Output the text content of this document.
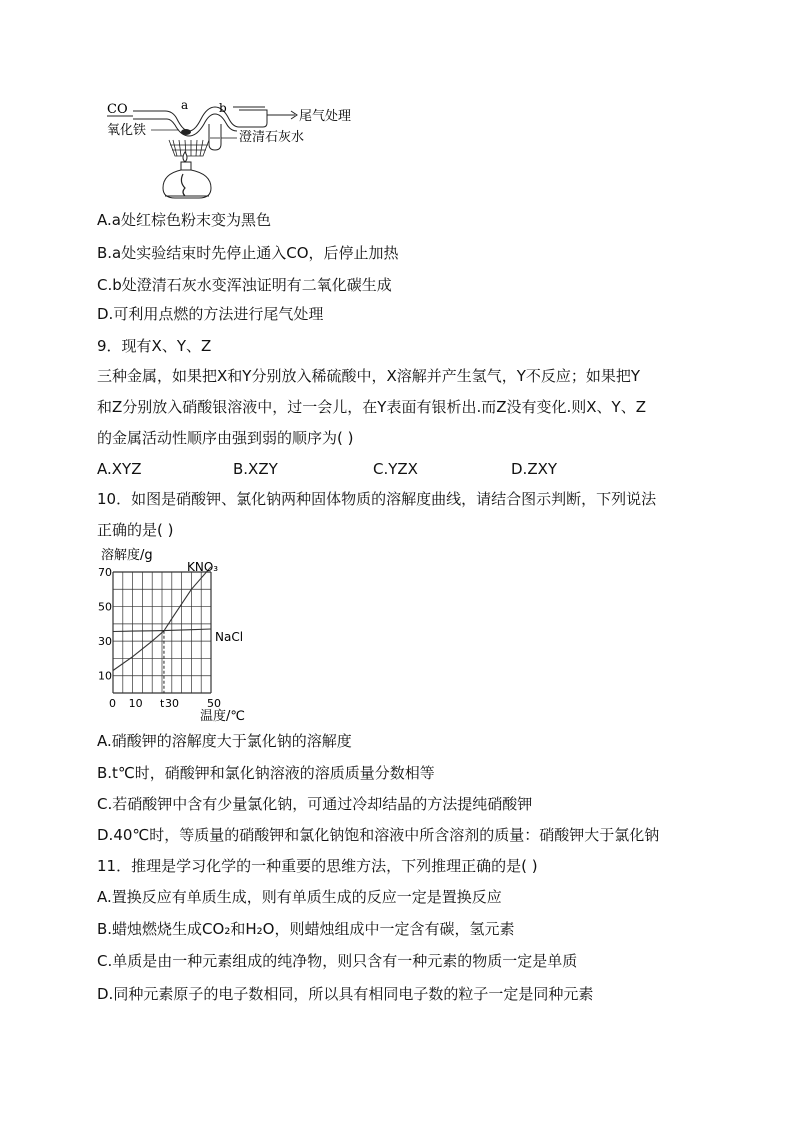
CO	尾气处理
a	b
氧化铁	澄清石灰水
A.a处红棕色粉末变为黑色
B.a处实验结束时先停止通入CO，后停止加热
C.b处澄清石灰水变浑浊证明有二氧化碳生成
D.可利用点燃的方法进行尾气处理
9．现有X、Y、Z
三种金属，如果把X和Y分别放入稀硫酸中，X溶解并产生氢气，Y不反应；如果把Y
和Z分别放入硝酸银溶液中，过一会儿，在Y表面有银析出.而Z没有变化.则X、Y、Z
的金属活动性顺序由强到弱的顺序为( )
A.XYZ	B.XZY	C.YZX	D.ZXY
10．如图是硝酸钾、氯化钠两种固体物质的溶解度曲线，请结合图示判断，下列说法
正确的是( )
10
30
50
70
0 10 t 30	50
溶解度/g
温度/℃
KNO₃
NaCl
A.硝酸钾的溶解度大于氯化钠的溶解度
B.t℃时，硝酸钾和氯化钠溶液的溶质质量分数相等
C.若硝酸钾中含有少量氯化钠，可通过冷却结晶的方法提纯硝酸钾
D.40℃时，等质量的硝酸钾和氯化钠饱和溶液中所含溶剂的质量：硝酸钾大于氯化钠
11．推理是学习化学的一种重要的思维方法，下列推理正确的是( )
A.置换反应有单质生成，则有单质生成的反应一定是置换反应
B.蜡烛燃烧生成CO₂和H₂O，则蜡烛组成中一定含有碳，氢元素
C.单质是由一种元素组成的纯净物，则只含有一种元素的物质一定是单质
D.同种元素原子的电子数相同，所以具有相同电子数的粒子一定是同种元素
